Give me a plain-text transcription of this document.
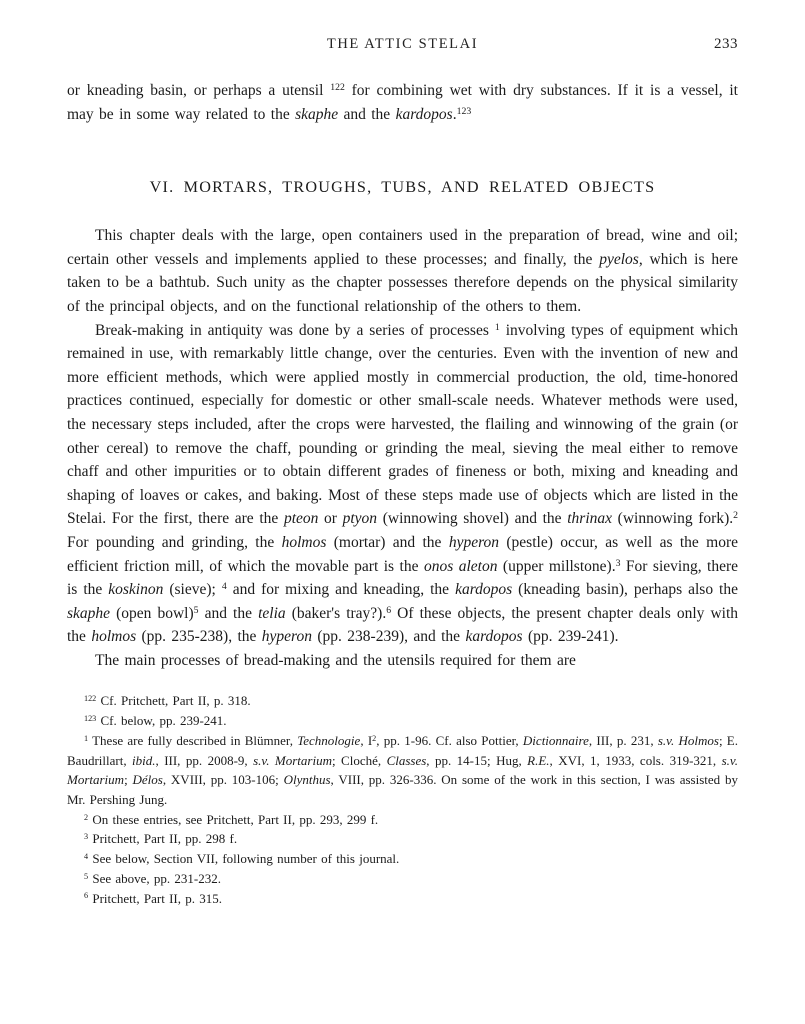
THE ATTIC STELAI	233

or kneading basin, or perhaps a utensil $^{122}$ for combining wet with dry substances. If it is a vessel, it may be in some way related to the skaphe and the kardopos.$^{123}$

VI. MORTARS, TROUGHS, TUBS, AND RELATED OBJECTS

This chapter deals with the large, open containers used in the preparation of bread, wine and oil; certain other vessels and implements applied to these processes; and finally, the pyelos, which is here taken to be a bathtub. Such unity as the chapter possesses therefore depends on the physical similarity of the principal objects, and on the functional relationship of the others to them.

Break-making in antiquity was done by a series of processes $^1$ involving types of equipment which remained in use, with remarkably little change, over the centuries. Even with the invention of new and more efficient methods, which were applied mostly in commercial production, the old, time-honored practices continued, especially for domestic or other small-scale needs. Whatever methods were used, the necessary steps included, after the crops were harvested, the flailing and winnowing of the grain (or other cereal) to remove the chaff, pounding or grinding the meal, sieving the meal either to remove chaff and other impurities or to obtain different grades of fineness or both, mixing and kneading and shaping of loaves or cakes, and baking. Most of these steps made use of objects which are listed in the Stelai. For the first, there are the pteon or ptyon (winnowing shovel) and the thrinax (winnowing fork).$^2$ For pounding and grinding, the holmos (mortar) and the hyperon (pestle) occur, as well as the more efficient friction mill, of which the movable part is the onos aleton (upper millstone).$^3$ For sieving, there is the koskinon (sieve); $^4$ and for mixing and kneading, the kardopos (kneading basin), perhaps also the skaphe (open bowl)$^5$ and the telia (baker's tray?).$^6$ Of these objects, the present chapter deals only with the holmos (pp. 235-238), the hyperon (pp. 238-239), and the kardopos (pp. 239-241).

The main processes of bread-making and the utensils required for them are

$^{122}$ Cf. Pritchett, Part II, p. 318.

$^{123}$ Cf. below, pp. 239-241.

$^1$ These are fully described in Blümner, Technologie, $I^2$, pp. 1-96. Cf. also Pottier, Dictionnaire, III, p. 231, s.v. Holmos; E. Baudrillart, ibid., III, pp. 2008-9, s.v. Mortarium; Cloché, Classes, pp. 14-15; Hug, R.E., XVI, 1, 1933, cols. 319-321, s.v. Mortarium; Délos, XVIII, pp. 103-106; Olynthus, VIII, pp. 326-336. On some of the work in this section, I was assisted by Mr. Pershing Jung.

$^2$ On these entries, see Pritchett, Part II, pp. 293, 299 f.

$^3$ Pritchett, Part II, pp. 298 f.

$^4$ See below, Section VII, following number of this journal.

$^5$ See above, pp. 231-232.

$^6$ Pritchett, Part II, p. 315.
